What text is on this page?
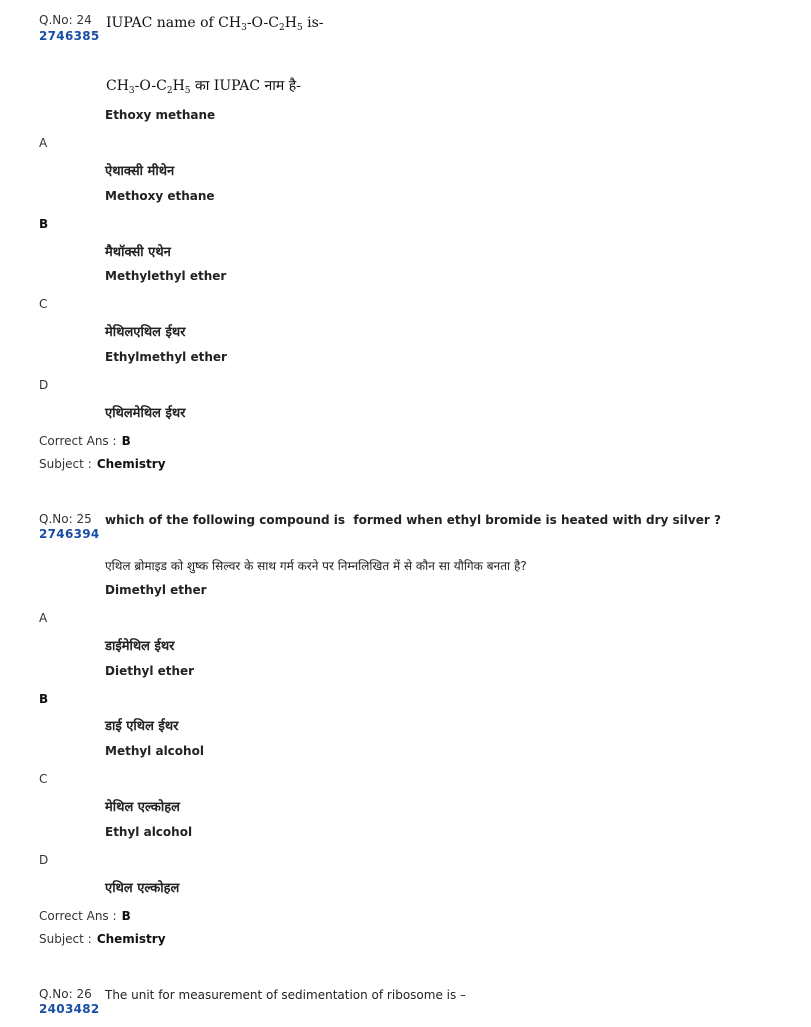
Q.No: 24
2746385
IUPAC name of $CH_3-O-C_2H_5$ is-
$CH_3-O-C_2H_5$ का IUPAC नाम है-
Ethoxy methane
A
ऐथाक्सी मीथेन
Methoxy ethane
B
मैथॉक्सी एथेन
Methylethyl ether
C
मेथिलएथिल ईथर
Ethylmethyl ether
D
एथिलमेथिल ईथर
Correct Ans : B
Subject : Chemistry
Q.No: 25
2746394
which of the following compound is  formed when ethyl bromide is heated with dry silver ?
एथिल ब्रोमाइड को शुष्क सिल्वर के साथ गर्म करने पर निम्नलिखित में से कौन सा यौगिक बनता है?
Dimethyl ether
A
डाईमेथिल ईथर
Diethyl ether
B
डाई एथिल ईथर
Methyl alcohol
C
मेथिल एल्कोहल
Ethyl alcohol
D
एथिल एल्कोहल
Correct Ans : B
Subject : Chemistry
Q.No: 26
2403482
The unit for measurement of sedimentation of ribosome is –
